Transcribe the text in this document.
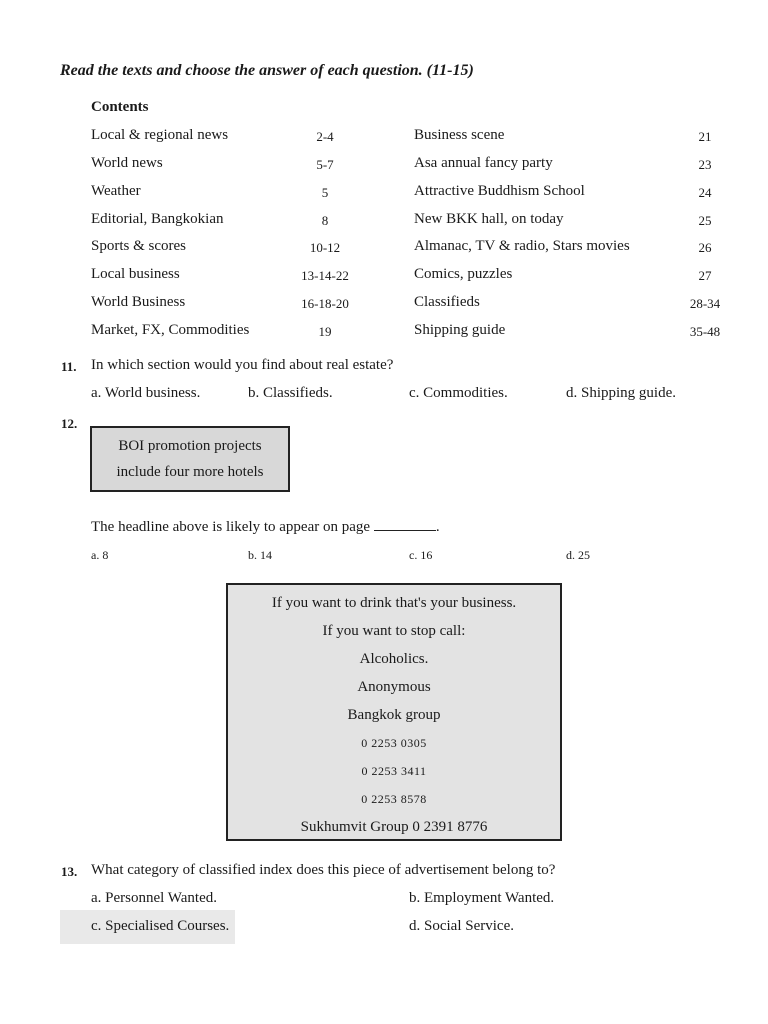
Read the texts and choose the answer of each question. (11-15)
Contents
Local & regional news	2-4
World news	5-7
Weather	5
Editorial, Bangkokian	8
Sports & scores	10-12
Local business	13-14-22
World Business	16-18-20
Market, FX, Commodities	19
Business scene	21
Asa annual fancy party	23
Attractive Buddhism School	24
New BKK hall, on today	25
Almanac, TV & radio, Stars movies	26
Comics, puzzles	27
Classifieds	28-34
Shipping guide	35-48
11. In which section would you find about real estate?
a. World business.	b. Classifieds.	c. Commodities.	d. Shipping guide.
12.
BOI promotion projects
include four more hotels
The headline above is likely to appear on page	.
a. 8	b. 14	c. 16	d. 25
If you want to drink that's your business.
If you want to stop call:
Alcoholics.
Anonymous
Bangkok group
0 2253 0305
0 2253 3411
0 2253 8578
Sukhumvit Group 0 2391 8776
13. What category of classified index does this piece of advertisement belong to?
a. Personnel Wanted.	b. Employment Wanted.
c. Specialised Courses.	d. Social Service.
